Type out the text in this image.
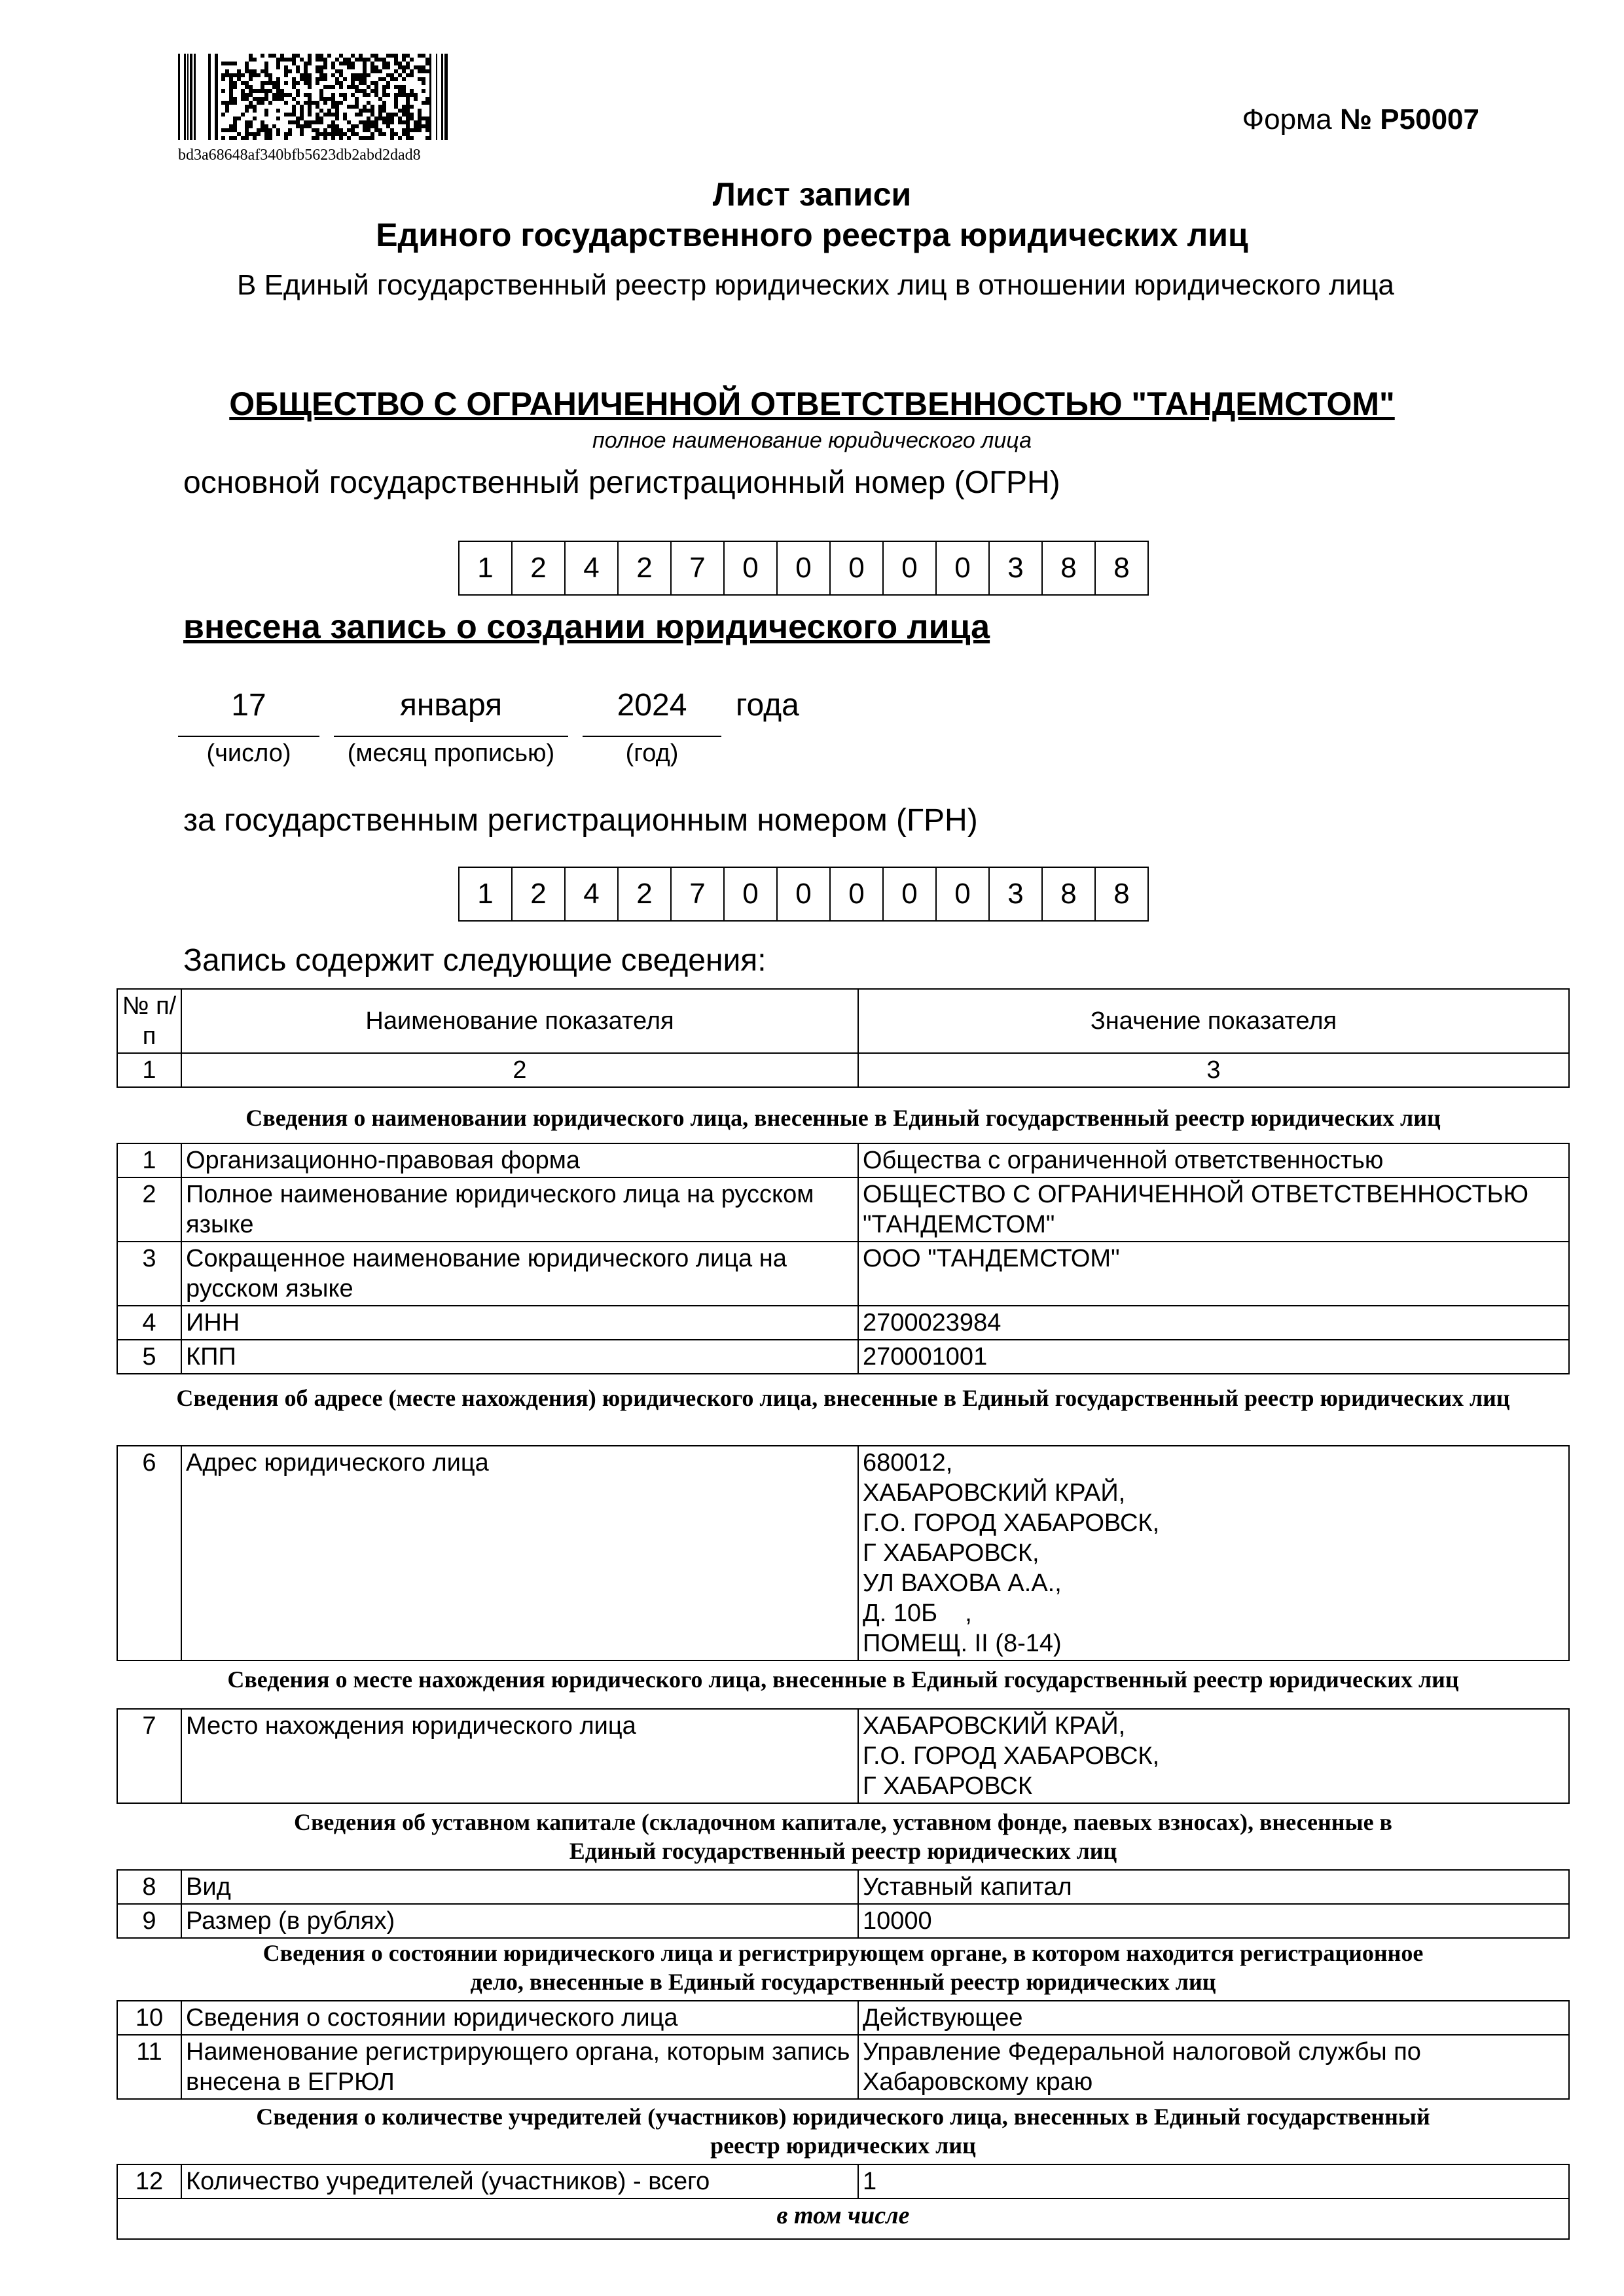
bd3a68648af340bfb5623db2abd2dad8
Форма № Р50007
Лист записи
Единого государственного реестра юридических лиц
В Единый государственный реестр юридических лиц в отношении юридического лица
ОБЩЕСТВО С ОГРАНИЧЕННОЙ ОТВЕТСТВЕННОСТЬЮ "ТАНДЕМСТОМ"
полное наименование юридического лица
основной государственный регистрационный номер (ОГРН)
1	2	4	2	7	0	0	0	0	0	3	8	8
внесена запись о создании юридического лица
17	января	2024	года
(число)	(месяц прописью)	(год)
за государственным регистрационным номером (ГРН)
1	2	4	2	7	0	0	0	0	0	3	8	8
Запись содержит следующие сведения:
№ п/п	Наименование показателя	Значение показателя
1	2	3
Сведения о наименовании юридического лица, внесенные в Единый государственный реестр юридических лиц
1	Организационно-правовая форма	Общества с ограниченной ответственностью
2	Полное наименование юридического лица на русском языке	ОБЩЕСТВО С ОГРАНИЧЕННОЙ ОТВЕТСТВЕННОСТЬЮ "ТАНДЕМСТОМ"
3	Сокращенное наименование юридического лица на русском языке	ООО "ТАНДЕМСТОМ"
4	ИНН	2700023984
5	КПП	270001001
Сведения об адресе (месте нахождения) юридического лица, внесенные в Единый государственный реестр юридических лиц
6	Адрес юридического лица	680012,
ХАБАРОВСКИЙ КРАЙ,
Г.О. ГОРОД ХАБАРОВСК,
Г ХАБАРОВСК,
УЛ ВАХОВА А.А.,
Д. 10Б    ,
ПОМЕЩ. II (8-14)
Сведения о месте нахождения юридического лица, внесенные в Единый государственный реестр юридических лиц
7	Место нахождения юридического лица	ХАБАРОВСКИЙ КРАЙ,
Г.О. ГОРОД ХАБАРОВСК,
Г ХАБАРОВСК
Сведения об уставном капитале (складочном капитале, уставном фонде, паевых взносах), внесенные в Единый государственный реестр юридических лиц
8	Вид	Уставный капитал
9	Размер (в рублях)	10000
Сведения о состоянии юридического лица и регистрирующем органе, в котором находится регистрационное дело, внесенные в Единый государственный реестр юридических лиц
10	Сведения о состоянии юридического лица	Действующее
11	Наименование регистрирующего органа, которым запись внесена в ЕГРЮЛ	Управление Федеральной налоговой службы по Хабаровскому краю
Сведения о количестве учредителей (участников) юридического лица, внесенных в Единый государственный реестр юридических лиц
12	Количество учредителей (участников) - всего	1
в том числе
